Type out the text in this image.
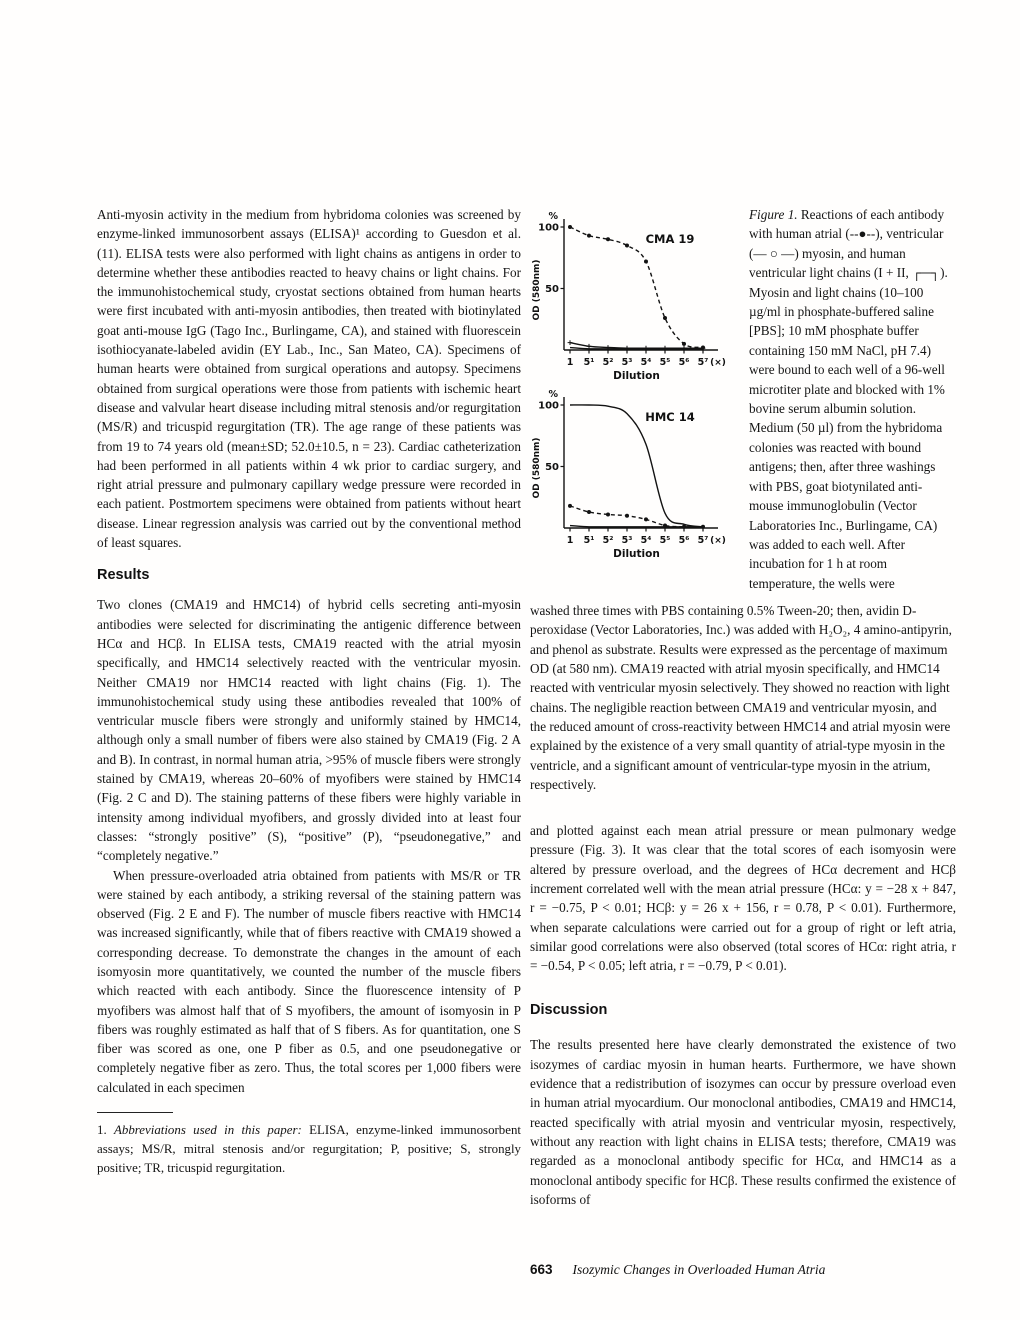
Anti-myosin activity in the medium from hybridoma colonies was screened by enzyme-linked immunosorbent assays (ELISA)¹ according to Guesdon et al. (11). ELISA tests were also performed with light chains as antigens in order to determine whether these antibodies reacted to heavy chains or light chains. For the immunohistochemical study, cryostat sections obtained from human hearts were first incubated with anti-myosin antibodies, then treated with biotinylated goat anti-mouse IgG (Tago Inc., Burlingame, CA), and stained with fluorescein isothiocyanate-labeled avidin (EY Lab., Inc., San Mateo, CA). Specimens of human hearts were obtained from surgical operations and autopsy. Specimens obtained from surgical operations were those from patients with ischemic heart disease and valvular heart disease including mitral stenosis and/or regurgitation (MS/R) and tricuspid regurgitation (TR). The age range of these patients was from 19 to 74 years old (mean±SD; 52.0±10.5, n = 23). Cardiac catheterization had been performed in all patients within 4 wk prior to cardiac surgery, and right atrial pressure and pulmonary capillary wedge pressure were recorded in each patient. Postmortem specimens were obtained from patients without heart disease. Linear regression analysis was carried out by the conventional method of least squares.

Results

Two clones (CMA19 and HMC14) of hybrid cells secreting anti-myosin antibodies were selected for discriminating the antigenic difference between HCα and HCβ. In ELISA tests, CMA19 reacted with the atrial myosin specifically, and HMC14 selectively reacted with the ventricular myosin. Neither CMA19 nor HMC14 reacted with light chains (Fig. 1). The immunohistochemical study using these antibodies revealed that 100% of ventricular muscle fibers were strongly and uniformly stained by HMC14, although only a small number of fibers were also stained by CMA19 (Fig. 2 A and B). In contrast, in normal human atria, >95% of muscle fibers were strongly stained by CMA19, whereas 20–60% of myofibers were stained by HMC14 (Fig. 2 C and D). The staining patterns of these fibers were highly variable in intensity among individual myofibers, and grossly divided into at least four classes: “strongly positive” (S), “positive” (P), “pseudonegative,” and “completely negative.”

When pressure-overloaded atria obtained from patients with MS/R or TR were stained by each antibody, a striking reversal of the staining pattern was observed (Fig. 2 E and F). The number of muscle fibers reactive with HMC14 was increased significantly, while that of fibers reactive with CMA19 showed a corresponding decrease. To demonstrate the changes in the amount of each isomyosin more quantitatively, we counted the number of the muscle fibers which reacted with each antibody. Since the fluorescence intensity of P myofibers was almost half that of S myofibers, the amount of isomyosin in P fibers was roughly estimated as half that of S fibers. As for quantitation, one S fiber was scored as one, one P fiber as 0.5, and one pseudonegative or completely negative fiber as zero. Thus, the total scores per 1,000 fibers were calculated in each specimen

1. Abbreviations used in this paper: ELISA, enzyme-linked immunosorbent assays; MS/R, mitral stenosis and/or regurgitation; P, positive; S, strongly positive; TR, tricuspid regurgitation.

50
100
%
OD (580nm)
1 5¹ 5² 5³ 5⁴ 5⁵ 5⁶ 5⁷ (×)
Dilution
CMA 19
50
100
%
OD (580nm)
1 5¹ 5² 5³ 5⁴ 5⁵ 5⁶ 5⁷ (×)
Dilution
HMC 14
Figure 1. Reactions of each antibody with human atrial (--●--), ventricular (— ○ —) myosin, and human ventricular light chains (I + II, ┌─┐). Myosin and light chains (10–100 µg/ml in phosphate-buffered saline [PBS]; 10 mM phosphate buffer containing 150 mM NaCl, pH 7.4) were bound to each well of a 96-well microtiter plate and blocked with 1% bovine serum albumin solution. Medium (50 µl) from the hybridoma colonies was reacted with bound antigens; then, after three washings with PBS, goat biotynilated anti-mouse immunoglobulin (Vector Laboratories Inc., Burlingame, CA) was added to each well. After incubation for 1 h at room temperature, the wells were

washed three times with PBS containing 0.5% Tween-20; then, avidin D-peroxidase (Vector Laboratories, Inc.) was added with H₂O₂, 4 amino-antipyrin, and phenol as substrate. Results were expressed as the percentage of maximum OD (at 580 nm). CMA19 reacted with atrial myosin specifically, and HMC14 reacted with ventricular myosin selectively. They showed no reaction with light chains. The negligible reaction between CMA19 and ventricular myosin, and the reduced amount of cross-reactivity between HMC14 and atrial myosin were explained by the existence of a very small quantity of atrial-type myosin in the ventricle, and a significant amount of ventricular-type myosin in the atrium, respectively.

and plotted against each mean atrial pressure or mean pulmonary wedge pressure (Fig. 3). It was clear that the total scores of each isomyosin were altered by pressure overload, and the degrees of HCα decrement and HCβ increment correlated well with the mean atrial pressure (HCα: y = −28 x + 847, r = −0.75, P < 0.01; HCβ: y = 26 x + 156, r = 0.78, P < 0.01). Furthermore, when separate calculations were carried out for a group of right or left atria, similar good correlations were also observed (total scores of HCα: right atria, r = −0.54, P < 0.05; left atria, r = −0.79, P < 0.01).

Discussion

The results presented here have clearly demonstrated the existence of two isozymes of cardiac myosin in human hearts. Furthermore, we have shown evidence that a redistribution of isozymes can occur by pressure overload even in human atrial myocardium. Our monoclonal antibodies, CMA19 and HMC14, reacted specifically with atrial myosin and ventricular myosin, respectively, without any reaction with light chains in ELISA tests; therefore, CMA19 was regarded as a monoclonal antibody specific for HCα, and HMC14 as a monoclonal antibody specific for HCβ. These results confirmed the existence of isoforms of

663 Isozymic Changes in Overloaded Human Atria
